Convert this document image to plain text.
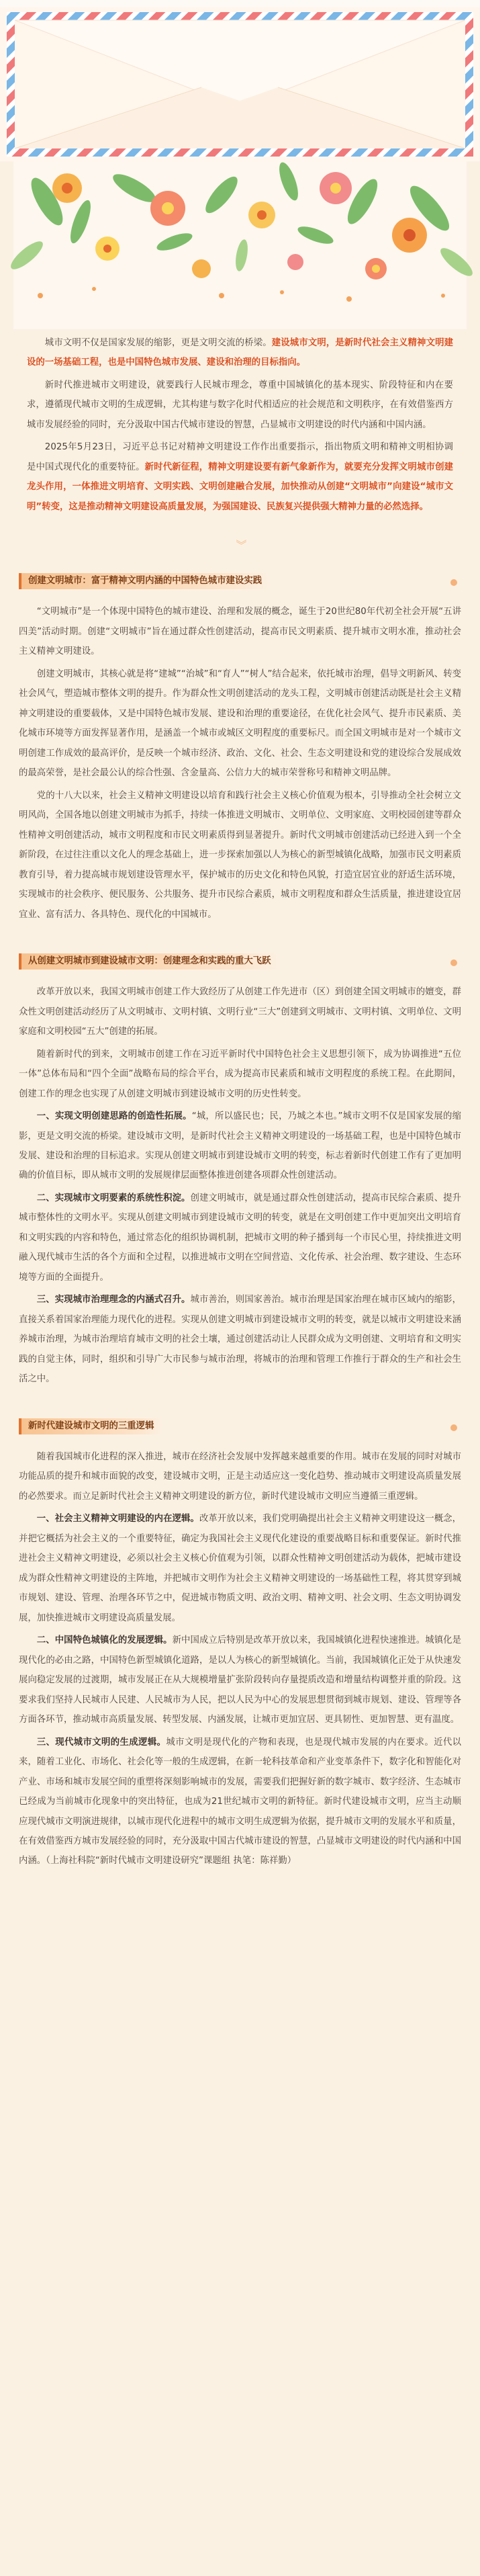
城市文明不仅是国家发展的缩影，更是文明交流的桥梁。建设城市文明，是新时代社会主义精神文明建设的一场基础工程，也是中国特色城市发展、建设和治理的目标指向。

新时代推进城市文明建设，就要践行人民城市理念，尊重中国城镇化的基本现实、阶段特征和内在要求，遵循现代城市文明的生成逻辑，尤其构建与数字化时代相适应的社会规范和文明秩序，在有效借鉴西方城市发展经验的同时，充分汲取中国古代城市建设的智慧，凸显城市文明建设的时代内涵和中国内涵。

2025年5月23日，习近平总书记对精神文明建设工作作出重要指示，指出物质文明和精神文明相协调是中国式现代化的重要特征。新时代新征程，精神文明建设要有新气象新作为，就要充分发挥文明城市创建龙头作用，一体推进文明培育、文明实践、文明创建融合发展，加快推动从创建“文明城市”向建设“城市文明”转变，这是推动精神文明建设高质量发展，为强国建设、民族复兴提供强大精神力量的必然选择。

︾
创建文明城市：富于精神文明内涵的中国特色城市建设实践

“文明城市”是一个体现中国特色的城市建设、治理和发展的概念，诞生于20世纪80年代初全社会开展“五讲四美”活动时期。创建“文明城市”旨在通过群众性创建活动，提高市民文明素质、提升城市文明水准，推动社会主义精神文明建设。

创建文明城市，其核心就是将“建城”“治城”和“育人”“树人”结合起来，依托城市治理，倡导文明新风、转变社会风气，塑造城市整体文明的提升。作为群众性文明创建活动的龙头工程，文明城市创建活动既是社会主义精神文明建设的重要载体，又是中国特色城市发展、建设和治理的重要途径，在优化社会风气、提升市民素质、美化城市环境等方面发挥显著作用，是涵盖一个城市或城区文明程度的重要标尺。而全国文明城市是对一个城市文明创建工作成效的最高评价，是反映一个城市经济、政治、文化、社会、生态文明建设和党的建设综合发展成效的最高荣誉，是社会最公认的综合性强、含金量高、公信力大的城市荣誉称号和精神文明品牌。

党的十八大以来，社会主义精神文明建设以培育和践行社会主义核心价值观为根本，引导推动全社会树立文明风尚，全国各地以创建文明城市为抓手，持续一体推进文明城市、文明单位、文明家庭、文明校园创建等群众性精神文明创建活动，城市文明程度和市民文明素质得到显著提升。新时代文明城市创建活动已经进入到一个全新阶段，在过往注重以文化人的理念基础上，进一步探索加强以人为核心的新型城镇化战略，加强市民文明素质教育引导，着力提高城市规划建设管理水平，保护城市的历史文化和特色风貌，打造宜居宜业的舒适生活环境，实现城市的社会秩序、便民服务、公共服务、提升市民综合素质，城市文明程度和群众生活质量，推进建设宜居宜业、富有活力、各具特色、现代化的中国城市。

从创建文明城市到建设城市文明：创建理念和实践的重大飞跃

改革开放以来，我国文明城市创建工作大致经历了从创建工作先进市（区）到创建全国文明城市的嬗变，群众性文明创建活动经历了从文明城市、文明村镇、文明行业“三大”创建到文明城市、文明村镇、文明单位、文明家庭和文明校园“五大”创建的拓展。

随着新时代的到来，文明城市创建工作在习近平新时代中国特色社会主义思想引领下，成为协调推进“五位一体”总体布局和“四个全面”战略布局的综合平台，成为提高市民素质和城市文明程度的系统工程。在此期间，创建工作的理念也实现了从创建文明城市到建设城市文明的历史性转变。

一、实现文明创建思路的创造性拓展。“城，所以盛民也；民，乃城之本也。”城市文明不仅是国家发展的缩影，更是文明交流的桥梁。建设城市文明，是新时代社会主义精神文明建设的一场基础工程，也是中国特色城市发展、建设和治理的目标追求。实现从创建文明城市到建设城市文明的转变，标志着新时代创建工作有了更加明确的价值目标，即从城市文明的发展规律层面整体推进创建各项群众性创建活动。

二、实现城市文明要素的系统性积淀。创建文明城市，就是通过群众性创建活动，提高市民综合素质、提升城市整体性的文明水平。实现从创建文明城市到建设城市文明的转变，就是在文明创建工作中更加突出文明培育和文明实践的内容和特色，通过常态化的组织协调机制，把城市文明的种子播到每一个市民心里，持续推进文明融入现代城市生活的各个方面和全过程，以推进城市文明在空间营造、文化传承、社会治理、数字建设、生态环境等方面的全面提升。

三、实现城市治理理念的内涵式召升。城市善治，则国家善治。城市治理是国家治理在城市区域内的缩影，直接关系着国家治理能力现代化的进程。实现从创建文明城市到建设城市文明的转变，就是以城市文明建设来涵养城市治理，为城市治理培育城市文明的社会土壤，通过创建活动让人民群众成为文明创建、文明培育和文明实践的自觉主体，同时，组织和引导广大市民参与城市治理，将城市的治理和管理工作推行于群众的生产和社会生活之中。

新时代建设城市文明的三重逻辑

随着我国城市化进程的深入推进，城市在经济社会发展中发挥越来越重要的作用。城市在发展的同时对城市功能品质的提升和城市面貌的改变，建设城市文明，正是主动适应这一变化趋势、推动城市文明建设高质量发展的必然要求。而立足新时代社会主义精神文明建设的新方位，新时代建设城市文明应当遵循三重逻辑。

一、社会主义精神文明建设的内在逻辑。改革开放以来，我们党明确提出社会主义精神文明建设这一概念，并把它概括为社会主义的一个重要特征，确定为我国社会主义现代化建设的重要战略目标和重要保证。新时代推进社会主义精神文明建设，必须以社会主义核心价值观为引领，以群众性精神文明创建活动为载体，把城市建设成为群众性精神文明建设的主阵地，并把城市文明作为社会主义精神文明建设的一场基础性工程，将其贯穿到城市规划、建设、管理、治理各环节之中，促进城市物质文明、政治文明、精神文明、社会文明、生态文明协调发展，加快推进城市文明建设高质量发展。

二、中国特色城镇化的发展逻辑。新中国成立后特别是改革开放以来，我国城镇化进程快速推进。城镇化是现代化的必由之路，中国特色新型城镇化道路，是以人为核心的新型城镇化。当前，我国城镇化正处于从快速发展向稳定发展的过渡期，城市发展正在从大规模增量扩张阶段转向存量提质改造和增量结构调整并重的阶段。这要求我们坚持人民城市人民建、人民城市为人民，把以人民为中心的发展思想贯彻到城市规划、建设、管理等各方面各环节，推动城市高质量发展、转型发展、内涵发展，让城市更加宜居、更具韧性、更加智慧、更有温度。

三、现代城市文明的生成逻辑。城市文明是现代化的产物和表现，也是现代城市发展的内在要求。近代以来，随着工业化、市场化、社会化等一般的生成逻辑，在新一轮科技革命和产业变革条件下，数字化和智能化对产业、市场和城市发展空间的重塑将深刻影响城市的发展，需要我们把握好新的数字城市、数字经济、生态城市已经成为当前城市化现象中的突出特征，也成为21世纪城市文明的新特征。新时代建设城市文明，应当主动顺应现代城市文明演进规律，以城市现代化进程中的城市文明生成逻辑为依据，提升城市文明的发展水平和质量，在有效借鉴西方城市发展经验的同时，充分汲取中国古代城市建设的智慧，凸显城市文明建设的时代内涵和中国内涵。（上海社科院“新时代城市文明建设研究”课题组 执笔：陈祥勤）
